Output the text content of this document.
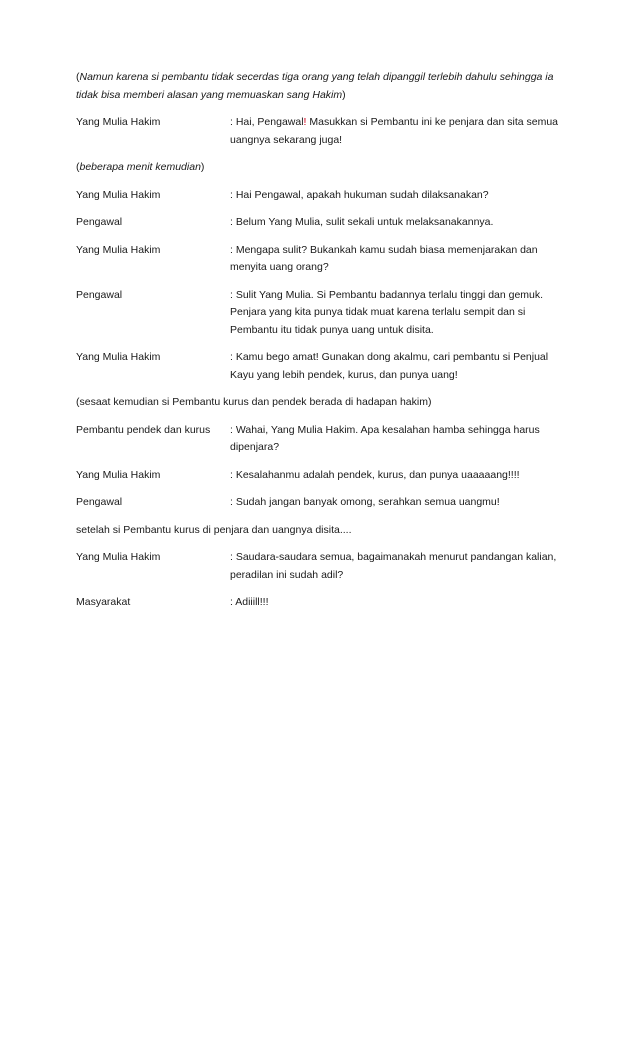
(Namun karena si pembantu tidak secerdas tiga orang yang telah dipanggil terlebih dahulu sehingga ia tidak bisa memberi alasan yang memuaskan sang Hakim)

Yang Mulia Hakim	: Hai, Pengawal! Masukkan si Pembantu ini ke penjara dan sita semua uangnya sekarang juga!

(beberapa menit kemudian)

Yang Mulia Hakim	: Hai Pengawal, apakah hukuman sudah dilaksanakan?
Pengawal	: Belum Yang Mulia, sulit sekali untuk melaksanakannya.
Yang Mulia Hakim	: Mengapa sulit? Bukankah kamu sudah biasa memenjarakan dan menyita uang orang?
Pengawal	: Sulit Yang Mulia. Si Pembantu badannya terlalu tinggi dan gemuk. Penjara yang kita punya tidak muat karena terlalu sempit dan si Pembantu itu tidak punya uang untuk disita.
Yang Mulia Hakim	: Kamu bego amat! Gunakan dong akalmu, cari pembantu si Penjual Kayu yang lebih pendek, kurus, dan punya uang!

(sesaat kemudian si Pembantu kurus dan pendek berada di hadapan hakim)

Pembantu pendek dan kurus	: Wahai, Yang Mulia Hakim. Apa kesalahan hamba sehingga harus dipenjara?
Yang Mulia Hakim	: Kesalahanmu adalah pendek, kurus, dan punya uaaaaang!!!!
Pengawal	: Sudah jangan banyak omong, serahkan semua uangmu!

setelah si Pembantu kurus di penjara dan uangnya disita....

Yang Mulia Hakim	: Saudara-saudara semua, bagaimanakah menurut pandangan kalian, peradilan ini sudah adil?
Masyarakat	: Adiiill!!!
